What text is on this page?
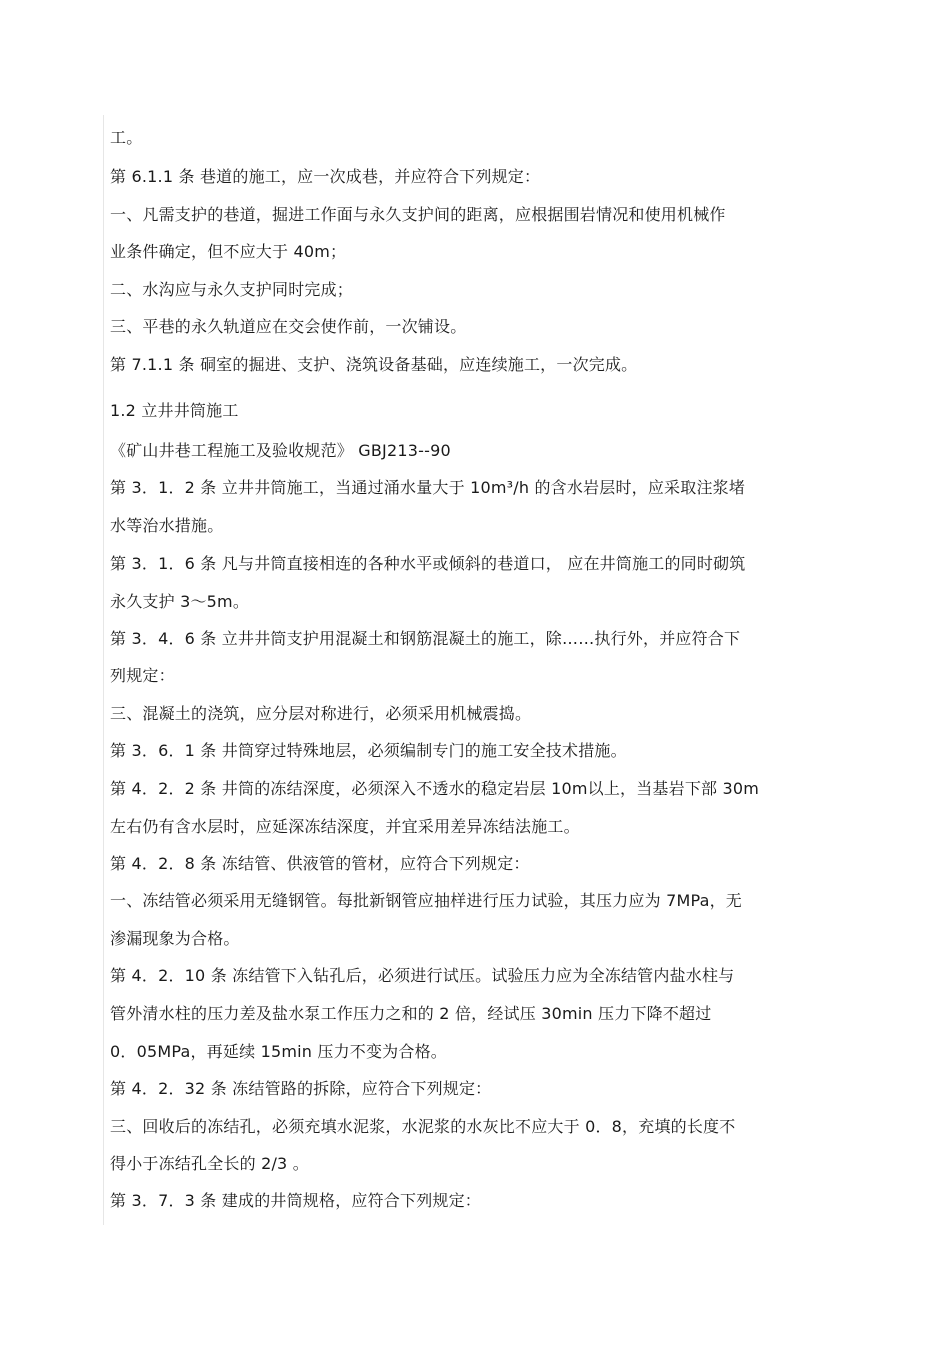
工。
第 6.1.1 条 巷道的施工，应一次成巷，并应符合下列规定：
一、凡需支护的巷道，掘进工作面与永久支护间的距离，应根据围岩情况和使用机械作
业条件确定，但不应大于 40m；
二、水沟应与永久支护同时完成；
三、平巷的永久轨道应在交会使作前，一次铺设。
第 7.1.1 条 硐室的掘进、支护、浇筑设备基础，应连续施工，一次完成。
1.2 立井井筒施工
《矿山井巷工程施工及验收规范》 GBJ213--90
第 3．1．2 条 立井井筒施工，当通过涌水量大于 10m³/h 的含水岩层时，应采取注浆堵
水等治水措施。
第 3．1．6 条 凡与井筒直接相连的各种水平或倾斜的巷道口， 应在井筒施工的同时砌筑
永久支护 3～5m。
第 3．4．6 条 立井井筒支护用混凝土和钢筋混凝土的施工，除……执行外，并应符合下
列规定：
三、混凝土的浇筑，应分层对称进行，必须采用机械震捣。
第 3．6．1 条 井筒穿过特殊地层，必须编制专门的施工安全技术措施。
第 4．2．2 条 井筒的冻结深度，必须深入不透水的稳定岩层 10m以上，当基岩下部 30m
左右仍有含水层时，应延深冻结深度，并宜采用差异冻结法施工。
第 4．2．8 条 冻结管、供液管的管材，应符合下列规定：
一、冻结管必须采用无缝钢管。每批新钢管应抽样进行压力试验，其压力应为 7MPa，无
渗漏现象为合格。
第 4．2．10 条 冻结管下入钻孔后，必须进行试压。试验压力应为全冻结管内盐水柱与
管外清水柱的压力差及盐水泵工作压力之和的 2 倍，经试压 30min 压力下降不超过
0．05MPa，再延续 15min 压力不变为合格。
第 4．2．32 条 冻结管路的拆除，应符合下列规定：
三、回收后的冻结孔，必须充填水泥浆，水泥浆的水灰比不应大于 0．8，充填的长度不
得小于冻结孔全长的 2/3 。
第 3．7．3 条 建成的井筒规格，应符合下列规定：
